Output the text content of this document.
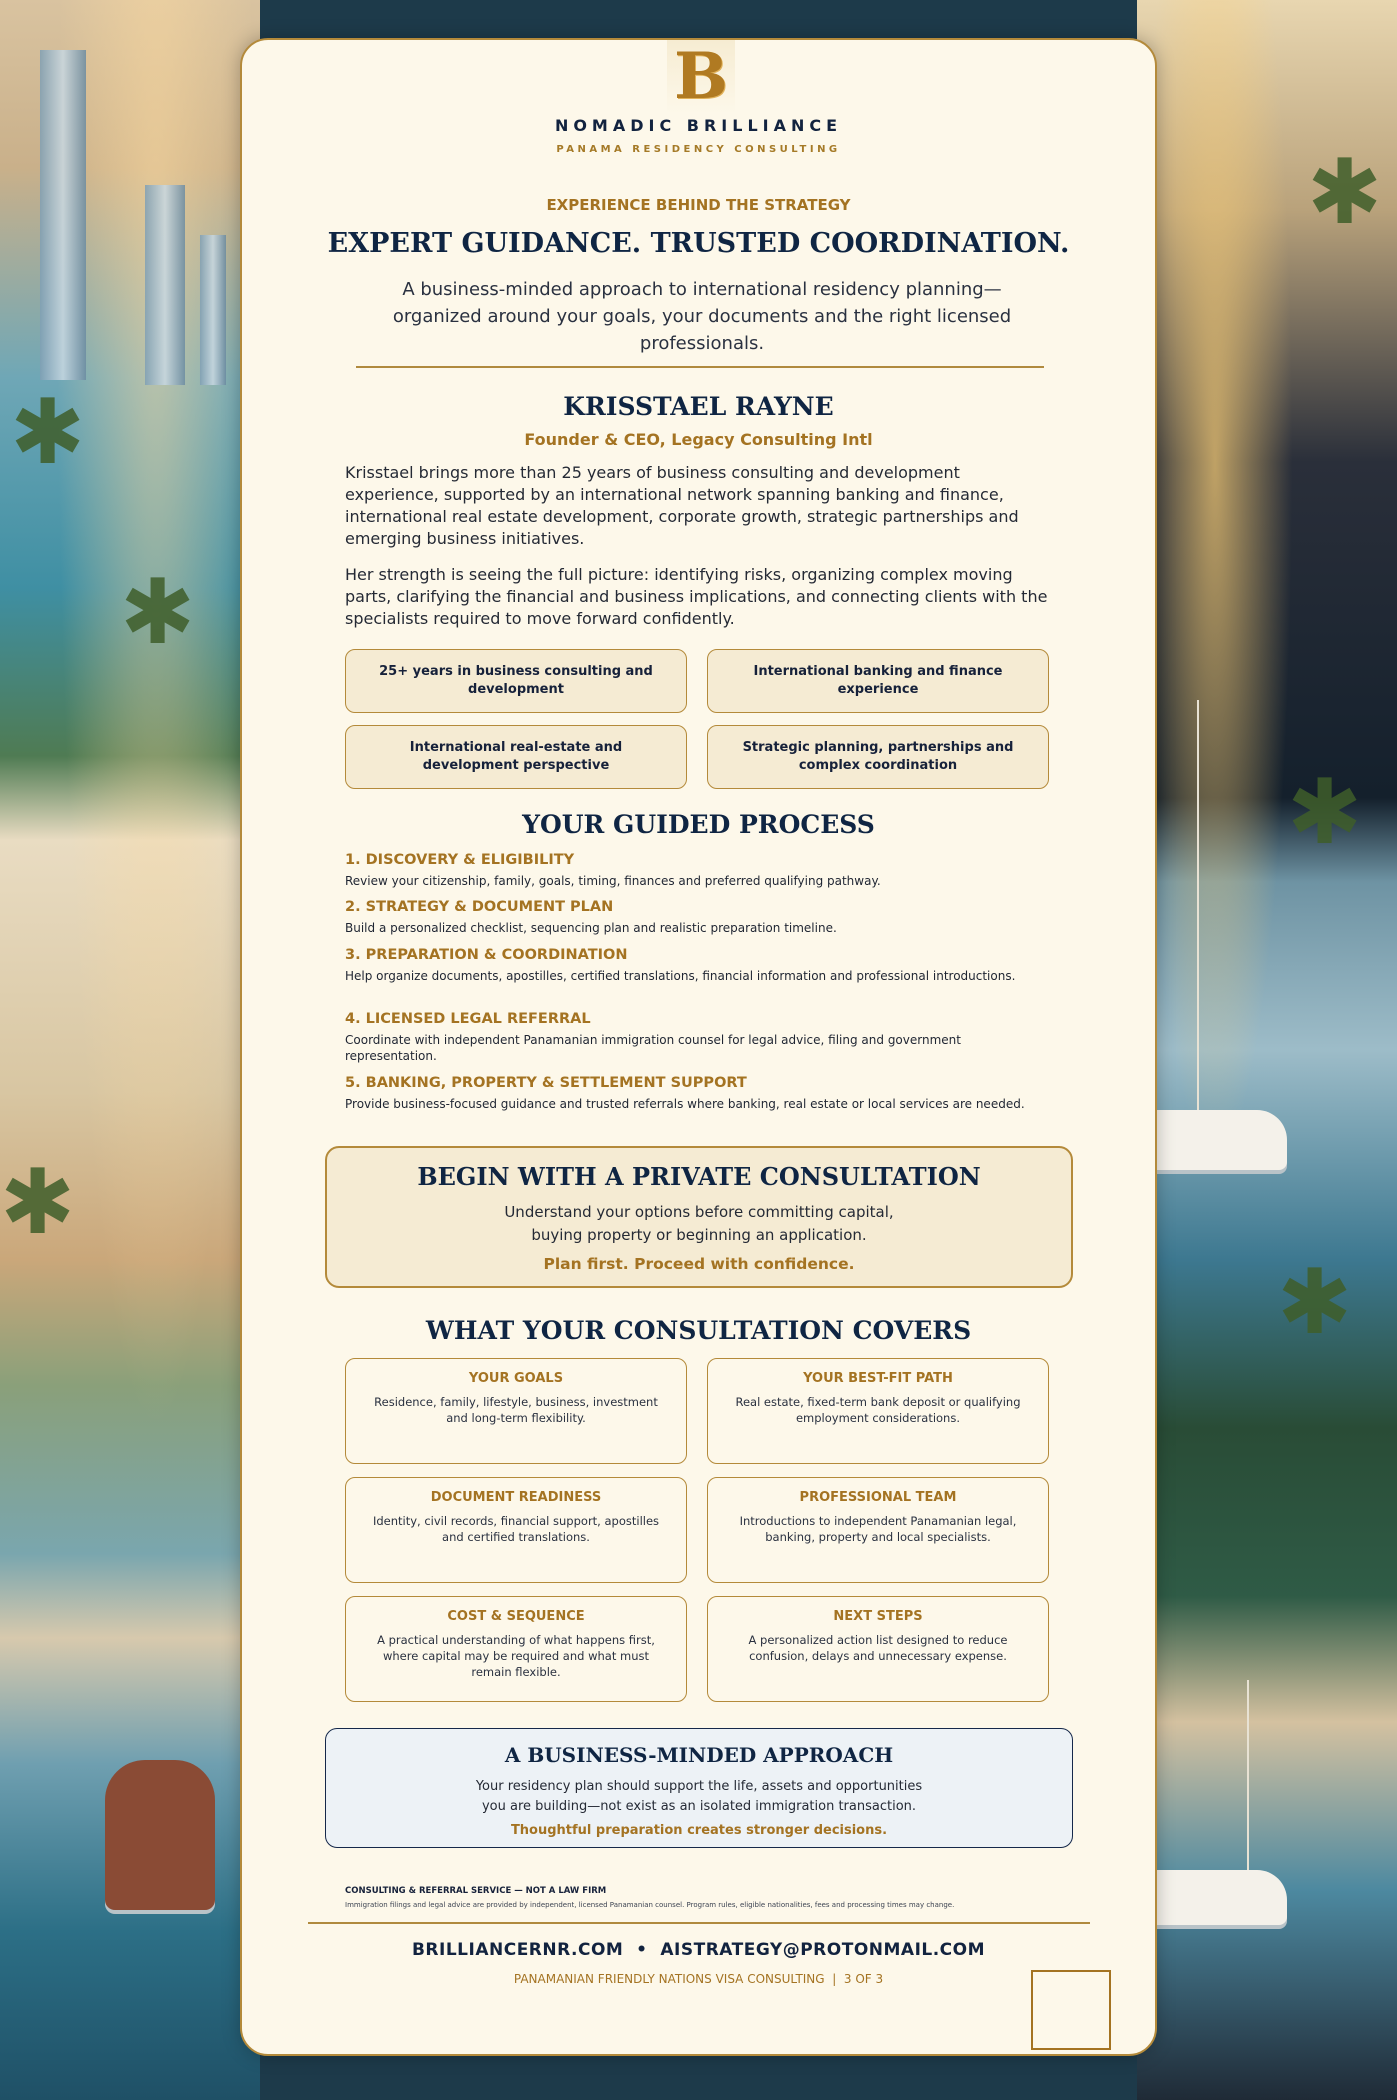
✱
✱
✱
✱
✱
✱
B
NOMADIC BRILLIANCE
PANAMA RESIDENCY CONSULTING
EXPERIENCE BEHIND THE STRATEGY
EXPERT GUIDANCE. TRUSTED COORDINATION.
A business-minded approach to international residency planning—organized around your goals, your documents and the right licensed professionals.
KRISSTAEL RAYNE
Founder & CEO, Legacy Consulting Intl

Krisstael brings more than 25 years of business consulting and development experience, supported by an international network spanning banking and finance, international real estate development, corporate growth, strategic partnerships and emerging business initiatives.

Her strength is seeing the full picture: identifying risks, organizing complex moving parts, clarifying the financial and business implications, and connecting clients with the specialists required to move forward confidently.

25+ years in business consulting and development
International banking and finance experience
International real-estate and development perspective
Strategic planning, partnerships and complex coordination
YOUR GUIDED PROCESS
1. DISCOVERY & ELIGIBILITY
Review your citizenship, family, goals, timing, finances and preferred qualifying pathway.
2. STRATEGY & DOCUMENT PLAN
Build a personalized checklist, sequencing plan and realistic preparation timeline.
3. PREPARATION & COORDINATION
Help organize documents, apostilles, certified translations, financial information and professional introductions.
4. LICENSED LEGAL REFERRAL
Coordinate with independent Panamanian immigration counsel for legal advice, filing and government representation.
5. BANKING, PROPERTY & SETTLEMENT SUPPORT
Provide business-focused guidance and trusted referrals where banking, real estate or local services are needed.
BEGIN WITH A PRIVATE CONSULTATION
Understand your options before committing capital,
buying property or beginning an application.
Plan first. Proceed with confidence.
WHAT YOUR CONSULTATION COVERS
YOUR GOALS
Residence, family, lifestyle, business, investment and long-term flexibility.
YOUR BEST-FIT PATH
Real estate, fixed-term bank deposit or qualifying employment considerations.
DOCUMENT READINESS
Identity, civil records, financial support, apostilles and certified translations.
PROFESSIONAL TEAM
Introductions to independent Panamanian legal, banking, property and local specialists.
COST & SEQUENCE
A practical understanding of what happens first, where capital may be required and what must remain flexible.
NEXT STEPS
A personalized action list designed to reduce confusion, delays and unnecessary expense.
A BUSINESS-MINDED APPROACH
Your residency plan should support the life, assets and opportunities
you are building—not exist as an isolated immigration transaction.
Thoughtful preparation creates stronger decisions.
CONSULTING & REFERRAL SERVICE — NOT A LAW FIRM
Immigration filings and legal advice are provided by independent, licensed Panamanian counsel. Program rules, eligible nationalities, fees and processing times may change.
BRILLIANCERNR.COM  •  AISTRATEGY@PROTONMAIL.COM
PANAMANIAN FRIENDLY NATIONS VISA CONSULTING  |  3 OF 3
